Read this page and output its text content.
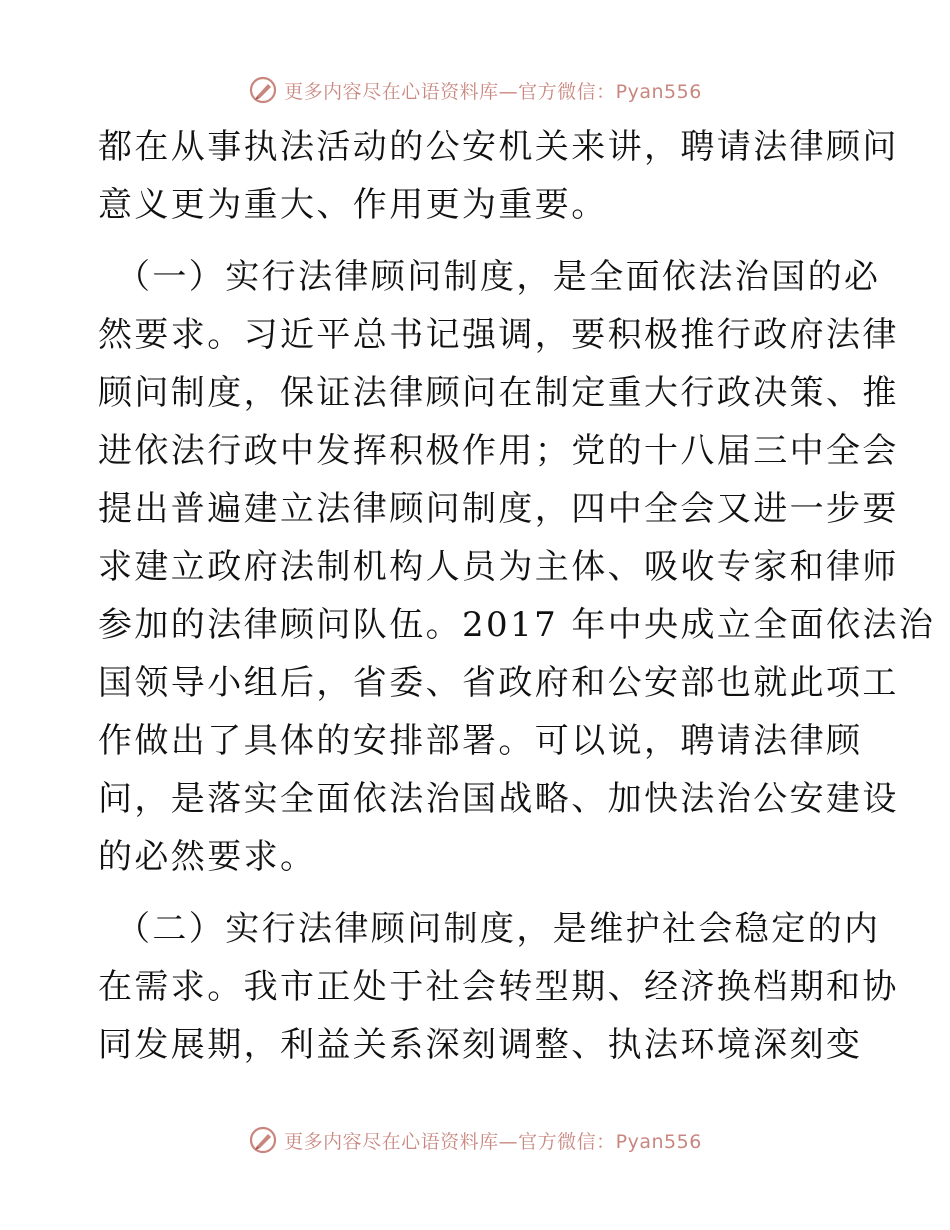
更多内容尽在心语资料库—官方微信：Pyan556

都在从事执法活动的公安机关来讲，聘请法律顾问

意义更为重大、作用更为重要。

（一）实行法律顾问制度，是全面依法治国的必

然要求。习近平总书记强调，要积极推行政府法律

顾问制度，保证法律顾问在制定重大行政决策、推

进依法行政中发挥积极作用；党的十八届三中全会

提出普遍建立法律顾问制度，四中全会又进一步要

求建立政府法制机构人员为主体、吸收专家和律师

参加的法律顾问队伍。2017 年中央成立全面依法治

国领导小组后，省委、省政府和公安部也就此项工

作做出了具体的安排部署。可以说，聘请法律顾

问，是落实全面依法治国战略、加快法治公安建设

的必然要求。

（二）实行法律顾问制度，是维护社会稳定的内

在需求。我市正处于社会转型期、经济换档期和协

同发展期，利益关系深刻调整、执法环境深刻变

更多内容尽在心语资料库—官方微信：Pyan556
